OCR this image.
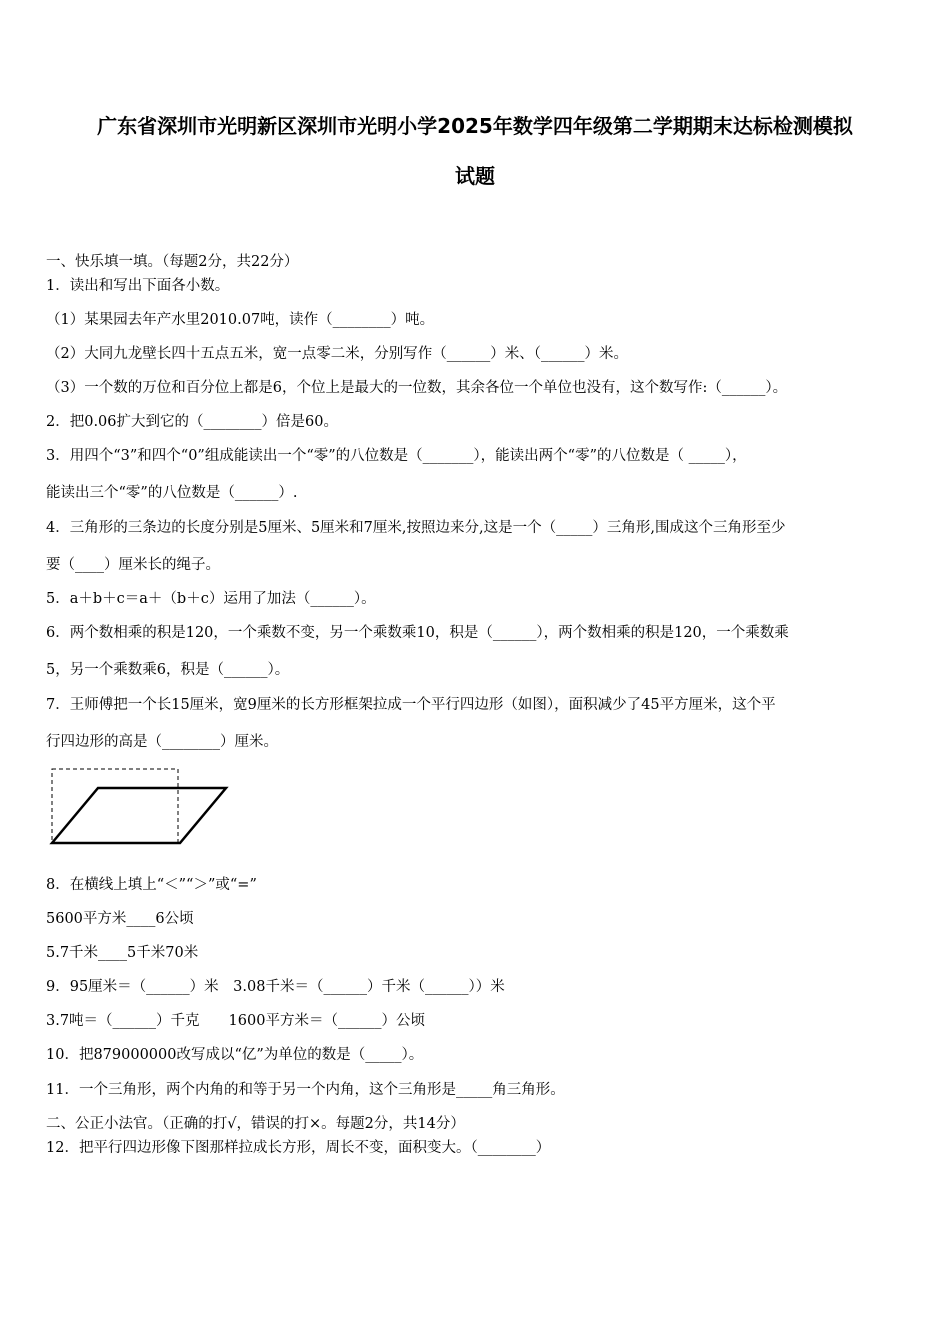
广东省深圳市光明新区深圳市光明小学2025年数学四年级第二学期期末达标检测模拟
试题
一、快乐填一填。（每题2分，共22分）
1．读出和写出下面各小数。
（1）某果园去年产水里2010.07吨，读作（________）吨。
（2）大同九龙壁长四十五点五米，宽一点零二米，分别写作（______）米、（______）米。
（3）一个数的万位和百分位上都是6，个位上是最大的一位数，其余各位一个单位也没有，这个数写作:（______）。
2．把0.06扩大到它的（________）倍是60。
3．用四个“3”和四个“0”组成能读出一个“零”的八位数是（_______），能读出两个“零”的八位数是（ _____），
能读出三个“零”的八位数是（______）.
4．三角形的三条边的长度分别是5厘米、5厘米和7厘米,按照边来分,这是一个（_____）三角形,围成这个三角形至少
要（____）厘米长的绳子。
5．a＋b＋c＝a＋（b＋c）运用了加法（______）。
6．两个数相乘的积是120，一个乘数不变，另一个乘数乘10，积是（______），两个数相乘的积是120，一个乘数乘
5，另一个乘数乘6，积是（______）。
7．王师傅把一个长15厘米，宽9厘米的长方形框架拉成一个平行四边形（如图），面积减少了45平方厘米，这个平
行四边形的高是（________）厘米。
8．在横线上填上“＜”“＞”或“=”
5600平方米____6公顷
5.7千米____5千米70米
9．95厘米＝（______）米　3.08千米＝（______）千米（______））米
3.7吨＝（______）千克　　1600平方米＝（______）公顷
10．把879000000改写成以“亿”为单位的数是（_____）。
11．一个三角形，两个内角的和等于另一个内角，这个三角形是_____角三角形。
二、公正小法官。（正确的打√，错误的打×。每题2分，共14分）
12．把平行四边形像下图那样拉成长方形，周长不变，面积变大。（________）
